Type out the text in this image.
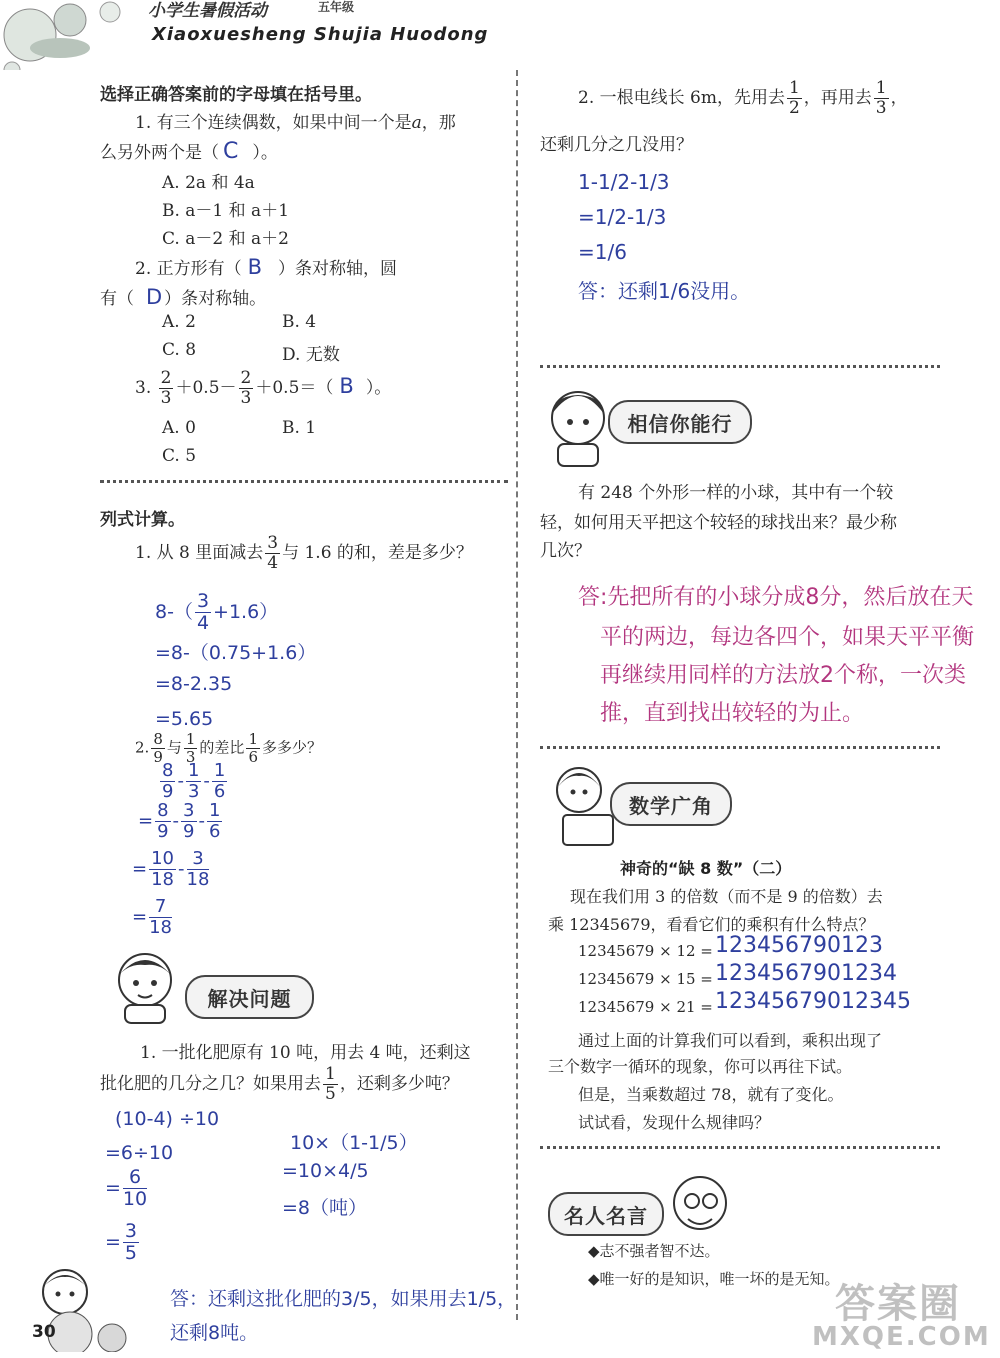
小学生暑假活动	五年级
Xiaoxuesheng Shujia Huodong
选择正确答案前的字母填在括号里。
1. 有三个连续偶数，如果中间一个是a，那
么另外两个是（ C ）。
A. 2a 和 4a
B. a－1 和 a＋1
C. a－2 和 a＋2
2. 正方形有（ B ）条对称轴，圆
有（ D ）条对称轴。
A. 2	B. 4
C. 8	D. 无数
3. $\frac{2}{3} +0.5- \frac{2}{3} +0.5=$（ B ）。
A. 0	B. 1
C. 5
列式计算。
1. 从 8 里面减去 $\frac{3}{4}$ 与 1.6 的和，差是多少？
$8-( \frac{3}{4} +1.6)$
=8-（0.75+1.6）
=8-2.35
=5.65
2. $\frac{8}{9}$ 与 $\frac{1}{3}$ 的差比 $\frac{1}{6}$ 多多少？
$\frac{8}{9} - \frac{1}{3} - \frac{1}{6}$
= $\frac{8}{9} - \frac{3}{9} - \frac{1}{6}$
= $\frac{10}{18} - \frac{3}{18}$
= $\frac{7}{18}$
解决问题
1. 一批化肥原有 10 吨，用去 4 吨，还剩这
批化肥的几分之几？如果用去 $\frac{1}{5}$ ，还剩多少吨？
(10-4) ÷10
=6÷10
= $\frac{6}{10}$
= $\frac{3}{5}$
10×（1-1/5）
=10×4/5
=8（吨）
答：还剩这批化肥的3/5，如果用去1/5，
还剩8吨。
30
2. 一根电线长 6m，先用去 $\frac{1}{2}$ ，再用去 $\frac{1}{3}$ ，
还剩几分之几没用？
1-1/2-1/3
=1/2-1/3
=1/6
答：还剩1/6没用。
相信你能行
有 248 个外形一样的小球，其中有一个较
轻，如何用天平把这个较轻的球找出来？最少称
几次？
答:先把所有的小球分成8分，然后放在天
平的两边，每边各四个，如果天平平衡
再继续用同样的方法放2个称，一次类
推，直到找出较轻的为止。
数学广角
神奇的“缺 8 数”（二）
现在我们用 3 的倍数（而不是 9 的倍数）去
乘 12345679，看看它们的乘积有什么特点？
12345679 × 12 = 123456790123
12345679 × 15 = 1234567901234
12345679 × 21 = 12345679012345
通过上面的计算我们可以看到，乘积出现了
三个数字一循环的现象，你可以再往下试。
但是，当乘数超过 78，就有了变化。
试试看，发现什么规律吗？
名人名言
◆志不强者智不达。
◆唯一好的是知识，唯一坏的是无知。
答案圈
MXQE.COM
